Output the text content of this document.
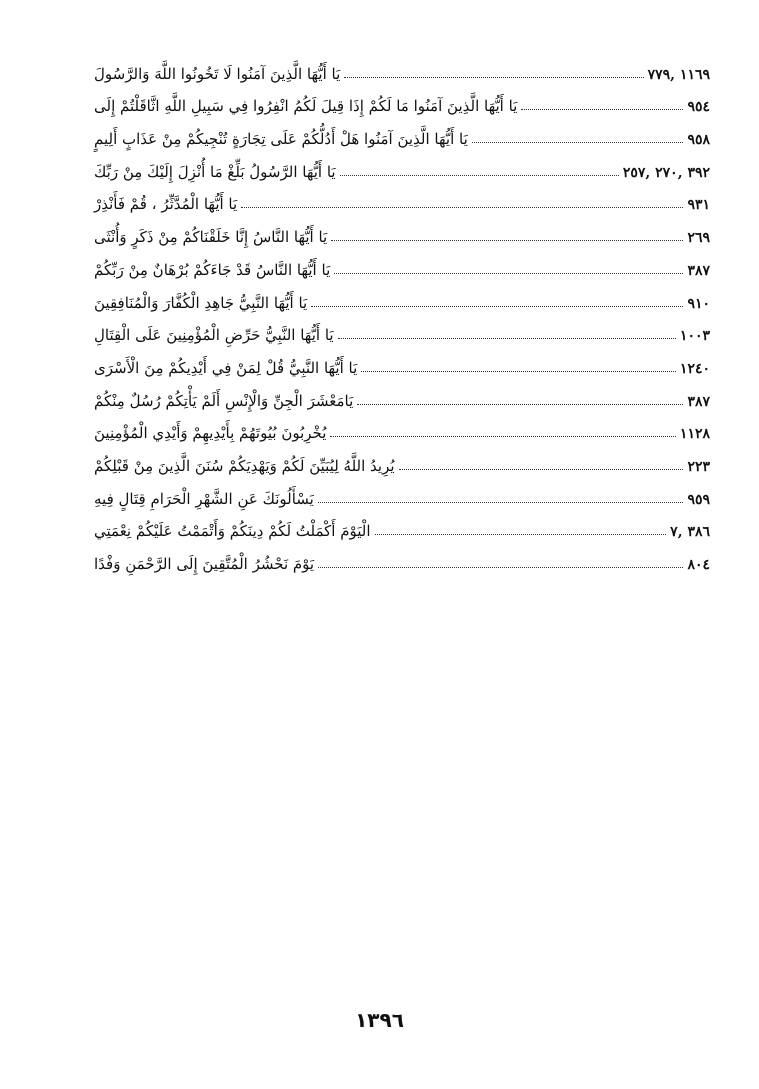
يَا أَيُّهَا الَّذِينَ آمَنُوا لَا تَخُونُوا اللَّهَ وَالرَّسُولَ	١١٦٩ ,٧٧٩
يَا أَيُّهَا الَّذِينَ آمَنُوا مَا لَكُمْ إِذَا قِيلَ لَكُمُ انْفِرُوا فِي سَبِيلِ اللَّهِ اثَّاقَلْتُمْ إِلَى	٩٥٤
يَا أَيُّهَا الَّذِينَ آمَنُوا هَلْ أَدُلُّكُمْ عَلَى تِجَارَةٍ تُنْجِيكُمْ مِنْ عَذَابٍ أَلِيمٍ	٩٥٨
يَا أَيُّهَا الرَّسُولُ بَلِّغْ مَا أُنْزِلَ إِلَيْكَ مِنْ رَبِّكَ	٣٩٢ ,٢٧٠ ,٢٥٧
يَا أَيُّهَا الْمُدَّثِّرُ ، قُمْ فَأَنْذِرْ	٩٣١
يَا أَيُّهَا النَّاسُ إِنَّا خَلَقْنَاكُمْ مِنْ ذَكَرٍ وَأُنْثَى	٢٦٩
يَا أَيُّهَا النَّاسُ قَدْ جَاءَكُمْ بُرْهَانٌ مِنْ رَبِّكُمْ	٣٨٧
يَا أَيُّهَا النَّبِيُّ جَاهِدِ الْكُفَّارَ وَالْمُنَافِقِينَ	٩١٠
يَا أَيُّهَا النَّبِيُّ حَرِّضِ الْمُؤْمِنِينَ عَلَى الْقِتَالِ	١٠٠٣
يَا أَيُّهَا النَّبِيُّ قُلْ لِمَنْ فِي أَيْدِيكُمْ مِنَ الْأَسْرَى	١٢٤٠
يَامَعْشَرَ الْجِنِّ وَالْإِنْسِ أَلَمْ يَأْتِكُمْ رُسُلٌ مِنْكُمْ	٣٨٧
يُخْرِبُونَ بُيُوتَهُمْ بِأَيْدِيهِمْ وَأَيْدِي الْمُؤْمِنِينَ	١١٢٨
يُرِيدُ اللَّهُ لِيُبَيِّنَ لَكُمْ وَيَهْدِيَكُمْ سُنَنَ الَّذِينَ مِنْ قَبْلِكُمْ	٢٢٣
يَسْأَلُونَكَ عَنِ الشَّهْرِ الْحَرَامِ قِتَالٍ فِيهِ	٩٥٩
الْيَوْمَ أَكْمَلْتُ لَكُمْ دِينَكُمْ وَأَتْمَمْتُ عَلَيْكُمْ نِعْمَتِي	٣٨٦ ,٧
يَوْمَ نَحْشُرُ الْمُتَّقِينَ إِلَى الرَّحْمَنِ وَفْدًا	٨٠٤
١٣٩٦
